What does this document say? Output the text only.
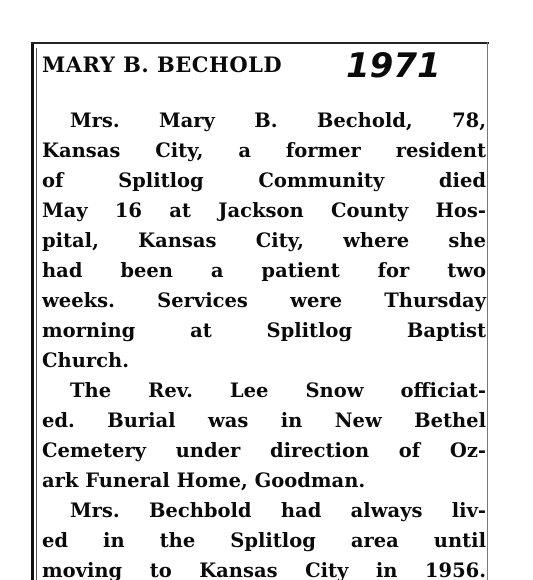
MARY B. BECHOLD 1971
Mrs. Mary B. Bechold, 78,
Kansas City, a former resident
of Splitlog Community died
May 16 at Jackson County Hos-
pital, Kansas City, where she
had been a patient for two
weeks. Services were Thursday
morning at Splitlog Baptist
Church.
The Rev. Lee Snow officiat-
ed. Burial was in New Bethel
Cemetery under direction of Oz-
ark Funeral Home, Goodman.
Mrs. Bechbold had always liv-
ed in the Splitlog area until
moving to Kansas City in 1956.
